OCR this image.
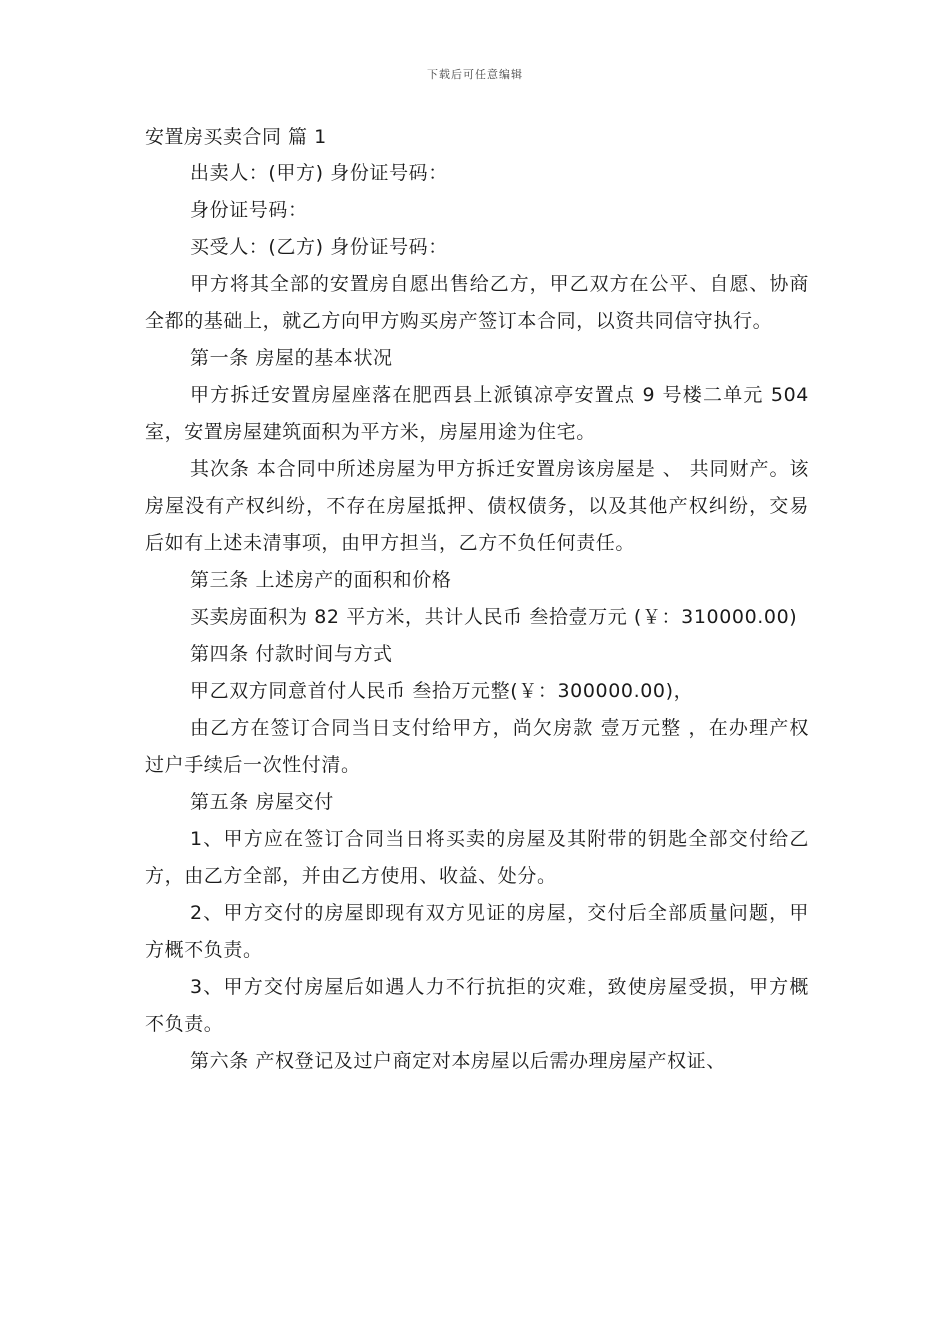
下载后可任意编辑
安置房买卖合同 篇 1

出卖人：(甲方) 身份证号码：

身份证号码：

买受人：(乙方) 身份证号码：

甲方将其全部的安置房自愿出售给乙方，甲乙双方在公平、自愿、协商全都的基础上，就乙方向甲方购买房产签订本合同，以资共同信守执行。

第一条 房屋的基本状况

甲方拆迁安置房屋座落在肥西县上派镇凉亭安置点 9 号楼二单元 504 室，安置房屋建筑面积为平方米，房屋用途为住宅。

其次条 本合同中所述房屋为甲方拆迁安置房该房屋是 、 共同财产。该房屋没有产权纠纷，不存在房屋抵押、债权债务，以及其他产权纠纷，交易后如有上述未清事项，由甲方担当，乙方不负任何责任。

第三条 上述房产的面积和价格

买卖房面积为 82 平方米，共计人民币 叁拾壹万元 (￥：310000.00)

第四条 付款时间与方式

甲乙双方同意首付人民币 叁拾万元整(￥：300000.00)，

由乙方在签订合同当日支付给甲方，尚欠房款 壹万元整 ，在办理产权过户手续后一次性付清。

第五条 房屋交付

1、甲方应在签订合同当日将买卖的房屋及其附带的钥匙全部交付给乙方，由乙方全部，并由乙方使用、收益、处分。

2、甲方交付的房屋即现有双方见证的房屋，交付后全部质量问题，甲方概不负责。

3、甲方交付房屋后如遇人力不行抗拒的灾难，致使房屋受损，甲方概不负责。

第六条 产权登记及过户商定对本房屋以后需办理房屋产权证、
